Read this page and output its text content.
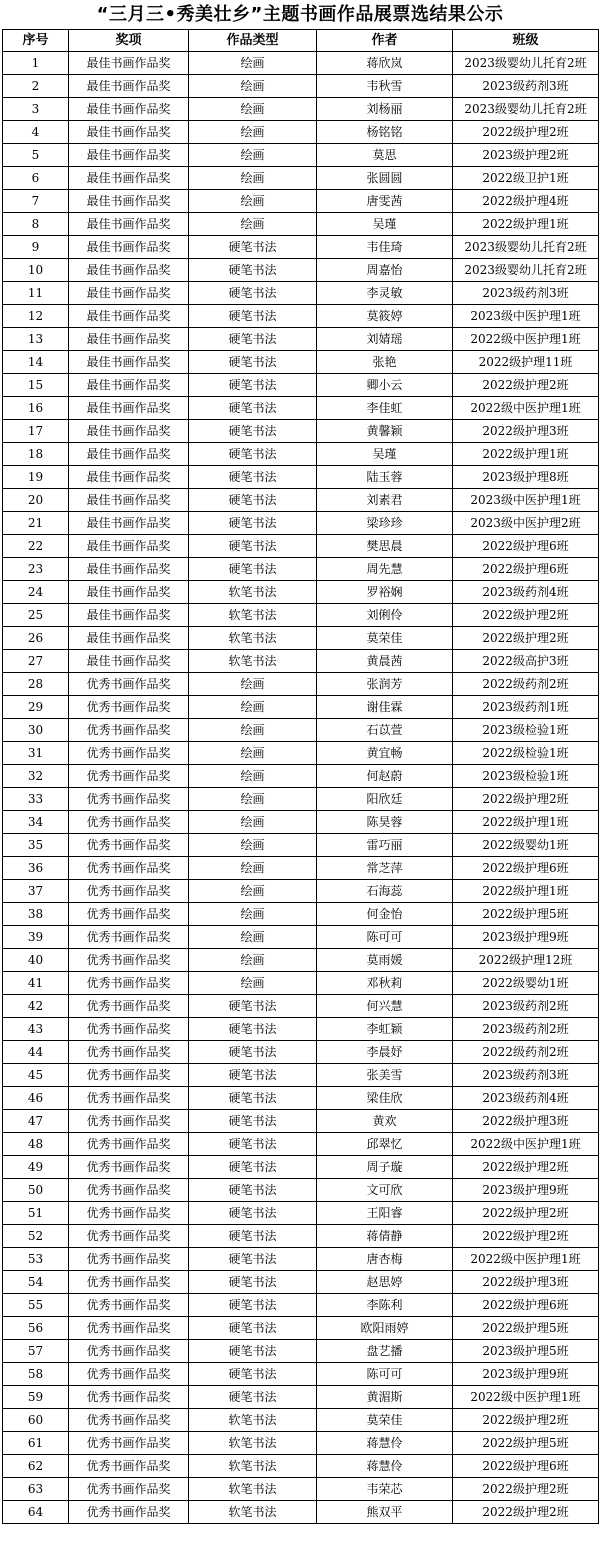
“三月三•秀美壮乡”主题书画作品展票选结果公示
序号	奖项	作品类型	作者	班级
1	最佳书画作品奖	绘画	蒋欣岚	2023级婴幼儿托育2班
2	最佳书画作品奖	绘画	韦秋雪	2023级药剂3班
3	最佳书画作品奖	绘画	刘杨丽	2023级婴幼儿托育2班
4	最佳书画作品奖	绘画	杨铭铭	2022级护理2班
5	最佳书画作品奖	绘画	莫思	2023级护理2班
6	最佳书画作品奖	绘画	张圆圆	2022级卫护1班
7	最佳书画作品奖	绘画	唐雯茜	2022级护理4班
8	最佳书画作品奖	绘画	吴瑾	2022级护理1班
9	最佳书画作品奖	硬笔书法	韦佳琦	2023级婴幼儿托育2班
10	最佳书画作品奖	硬笔书法	周嘉怡	2023级婴幼儿托育2班
11	最佳书画作品奖	硬笔书法	李灵敏	2023级药剂3班
12	最佳书画作品奖	硬笔书法	莫筱婷	2023级中医护理1班
13	最佳书画作品奖	硬笔书法	刘婧瑶	2022级中医护理1班
14	最佳书画作品奖	硬笔书法	张艳	2022级护理11班
15	最佳书画作品奖	硬笔书法	卿小云	2022级护理2班
16	最佳书画作品奖	硬笔书法	李佳虹	2022级中医护理1班
17	最佳书画作品奖	硬笔书法	黄馨颖	2022级护理3班
18	最佳书画作品奖	硬笔书法	吴瑾	2022级护理1班
19	最佳书画作品奖	硬笔书法	陆玉蓉	2023级护理8班
20	最佳书画作品奖	硬笔书法	刘素君	2023级中医护理1班
21	最佳书画作品奖	硬笔书法	梁珍珍	2023级中医护理2班
22	最佳书画作品奖	硬笔书法	樊思晨	2022级护理6班
23	最佳书画作品奖	硬笔书法	周先慧	2022级护理6班
24	最佳书画作品奖	软笔书法	罗裕娴	2023级药剂4班
25	最佳书画作品奖	软笔书法	刘俐伶	2022级护理2班
26	最佳书画作品奖	软笔书法	莫荣佳	2022级护理2班
27	最佳书画作品奖	软笔书法	黄晨茜	2022级高护3班
28	优秀书画作品奖	绘画	张润芳	2022级药剂2班
29	优秀书画作品奖	绘画	谢佳霖	2023级药剂1班
30	优秀书画作品奖	绘画	石苡萱	2023级检验1班
31	优秀书画作品奖	绘画	黄宜畅	2022级检验1班
32	优秀书画作品奖	绘画	何赵蔚	2023级检验1班
33	优秀书画作品奖	绘画	阳欣廷	2022级护理2班
34	优秀书画作品奖	绘画	陈昊蓉	2022级护理1班
35	优秀书画作品奖	绘画	雷巧丽	2022级婴幼1班
36	优秀书画作品奖	绘画	常芝萍	2022级护理6班
37	优秀书画作品奖	绘画	石海蕊	2022级护理1班
38	优秀书画作品奖	绘画	何金怡	2022级护理5班
39	优秀书画作品奖	绘画	陈可可	2023级护理9班
40	优秀书画作品奖	绘画	莫雨媛	2022级护理12班
41	优秀书画作品奖	绘画	邓秋莉	2022级婴幼1班
42	优秀书画作品奖	硬笔书法	何兴慧	2023级药剂2班
43	优秀书画作品奖	硬笔书法	李虹颖	2023级药剂2班
44	优秀书画作品奖	硬笔书法	李晨妤	2022级药剂2班
45	优秀书画作品奖	硬笔书法	张美雪	2023级药剂3班
46	优秀书画作品奖	硬笔书法	梁佳欣	2023级药剂4班
47	优秀书画作品奖	硬笔书法	黄欢	2022级护理3班
48	优秀书画作品奖	硬笔书法	邱翠忆	2022级中医护理1班
49	优秀书画作品奖	硬笔书法	周子璇	2022级护理2班
50	优秀书画作品奖	硬笔书法	文可欣	2023级护理9班
51	优秀书画作品奖	硬笔书法	王阳睿	2022级护理2班
52	优秀书画作品奖	硬笔书法	蒋倩静	2022级护理2班
53	优秀书画作品奖	硬笔书法	唐杏梅	2022级中医护理1班
54	优秀书画作品奖	硬笔书法	赵思婷	2022级护理3班
55	优秀书画作品奖	硬笔书法	李陈利	2022级护理6班
56	优秀书画作品奖	硬笔书法	欧阳雨婷	2022级护理5班
57	优秀书画作品奖	硬笔书法	盘艺播	2023级护理5班
58	优秀书画作品奖	硬笔书法	陈可可	2023级护理9班
59	优秀书画作品奖	硬笔书法	黄湄斯	2022级中医护理1班
60	优秀书画作品奖	软笔书法	莫荣佳	2022级护理2班
61	优秀书画作品奖	软笔书法	蒋慧伶	2022级护理5班
62	优秀书画作品奖	软笔书法	蒋慧伶	2022级护理6班
63	优秀书画作品奖	软笔书法	韦荣芯	2022级护理2班
64	优秀书画作品奖	软笔书法	熊双平	2022级护理2班
